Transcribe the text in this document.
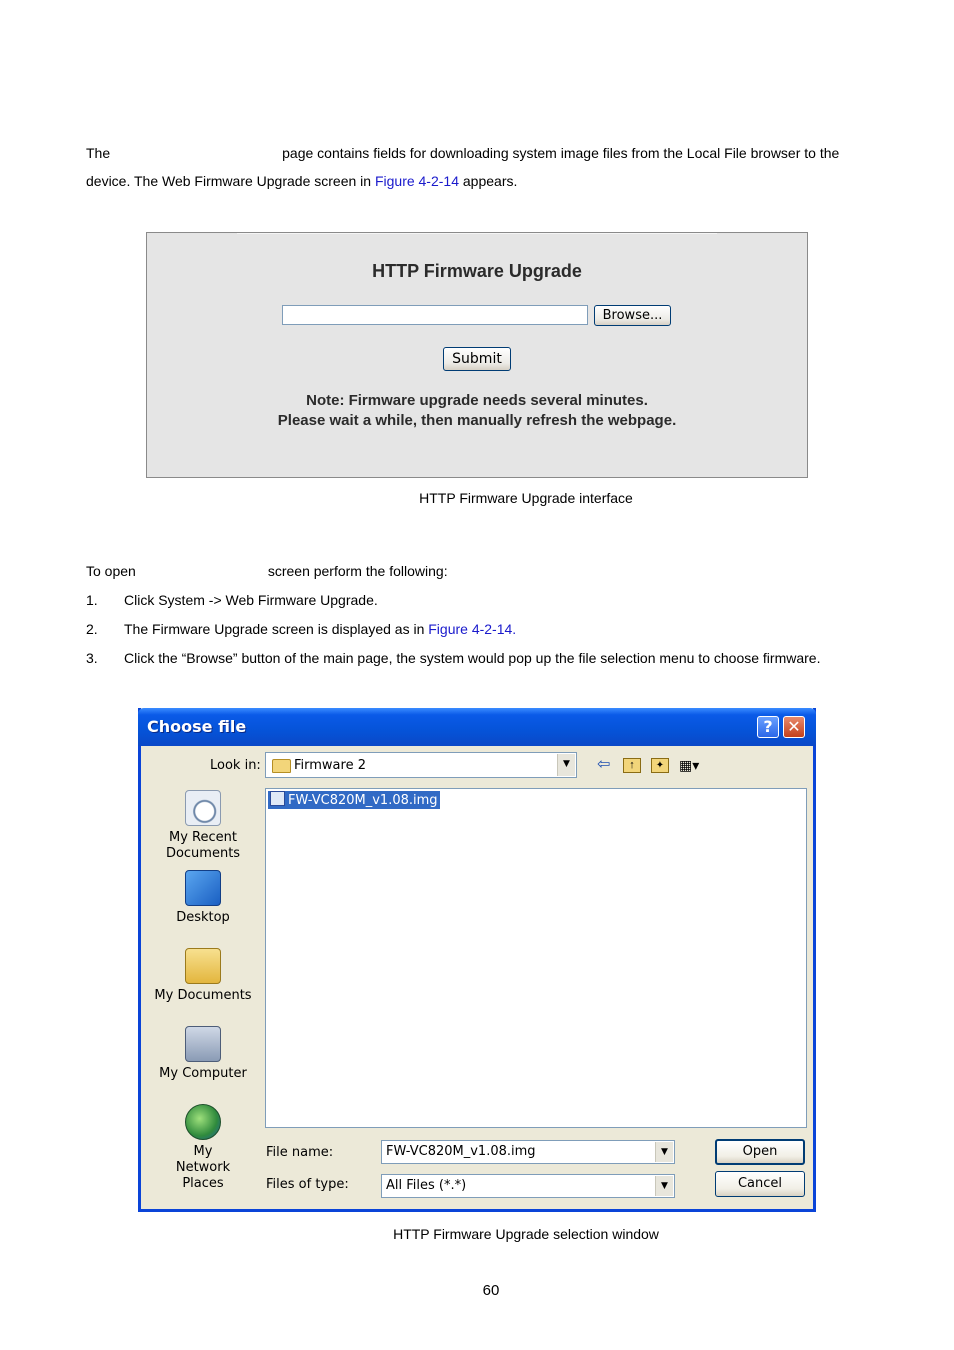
The	page contains fields for downloading system image files from the Local File browser to the
device. The Web Firmware Upgrade screen in Figure 4-2-14 appears.
HTTP Firmware Upgrade
Browse...
Submit
Note: Firmware upgrade needs several minutes.
Please wait a while, then manually refresh the webpage.
HTTP Firmware Upgrade interface
To open	screen perform the following:
1. Click System -> Web Firmware Upgrade.
2. The Firmware Upgrade screen is displayed as in Figure 4-2-14.
3. Click the “Browse” button of the main page, the system would pop up the file selection menu to choose firmware.
Choose file	? ✕
Look in:	Firmware 2	▼	⇦	↑	✦	▦▾
My Recent Documents
Desktop
My Documents
My Computer
My Network Places
FW-VC820M_v1.08.img
File name:	FW-VC820M_v1.08.img	▼
Files of type:	All Files (*.*)	▼
Open
Cancel
HTTP Firmware Upgrade selection window
60
